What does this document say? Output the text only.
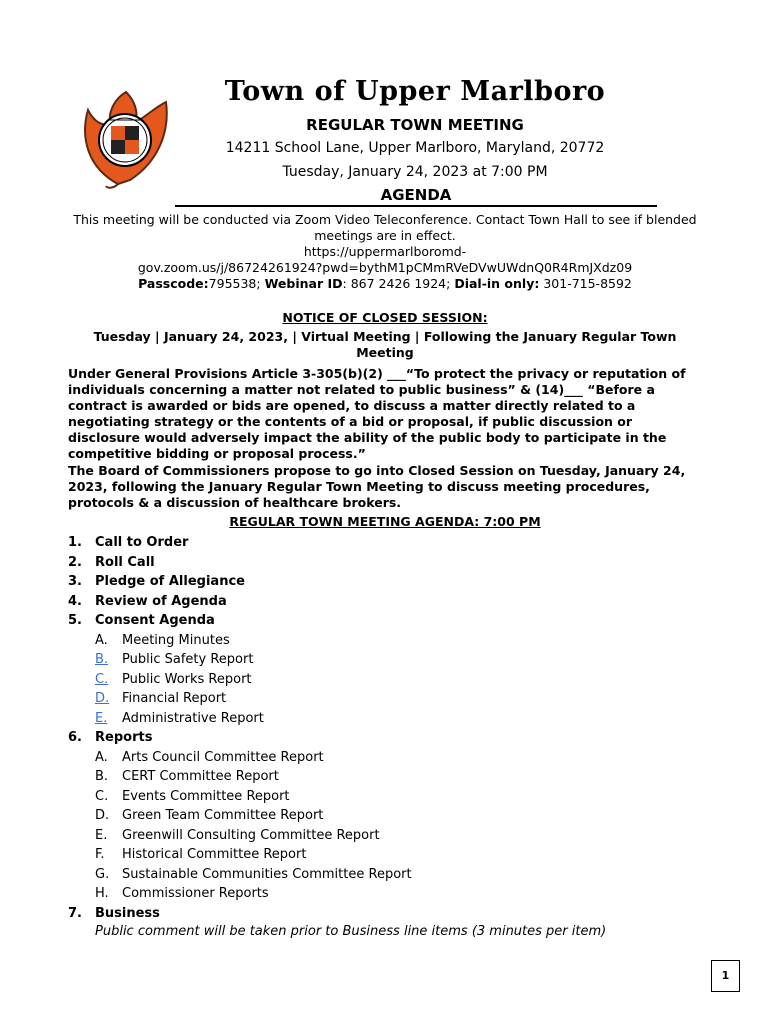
Town of Upper Marlboro
REGULAR TOWN MEETING
14211 School Lane, Upper Marlboro, Maryland, 20772
Tuesday, January 24, 2023 at 7:00 PM
AGENDA
This meeting will be conducted via Zoom Video Teleconference. Contact Town Hall to see if blended meetings are in effect.
https://uppermarlboromd-
gov.zoom.us/j/86724261924?pwd=bythM1pCMmRVeDVwUWdnQ0R4RmJXdz09
Passcode:795538; Webinar ID: 867 2426 1924; Dial-in only: 301-715-8592
NOTICE OF CLOSED SESSION:
Tuesday | January 24, 2023, | Virtual Meeting | Following the January Regular Town Meeting
Under General Provisions Article 3-305(b)(2) ___“To protect the privacy or reputation of individuals concerning a matter not related to public business” & (14)___ “Before a contract is awarded or bids are opened, to discuss a matter directly related to a negotiating strategy or the contents of a bid or proposal, if public discussion or disclosure would adversely impact the ability of the public body to participate in the competitive bidding or proposal process.”
The Board of Commissioners propose to go into Closed Session on Tuesday, January 24, 2023, following the January Regular Town Meeting to discuss meeting procedures, protocols & a discussion of healthcare brokers.
REGULAR TOWN MEETING AGENDA: 7:00 PM
1. Call to Order
2. Roll Call
3. Pledge of Allegiance
4. Review of Agenda
5. Consent Agenda
A. Meeting Minutes
B. Public Safety Report
C. Public Works Report
D. Financial Report
E. Administrative Report
6. Reports
A. Arts Council Committee Report
B. CERT Committee Report
C. Events Committee Report
D. Green Team Committee Report
E. Greenwill Consulting Committee Report
F. Historical Committee Report
G. Sustainable Communities Committee Report
H. Commissioner Reports
7. Business
Public comment will be taken prior to Business line items (3 minutes per item)
1
